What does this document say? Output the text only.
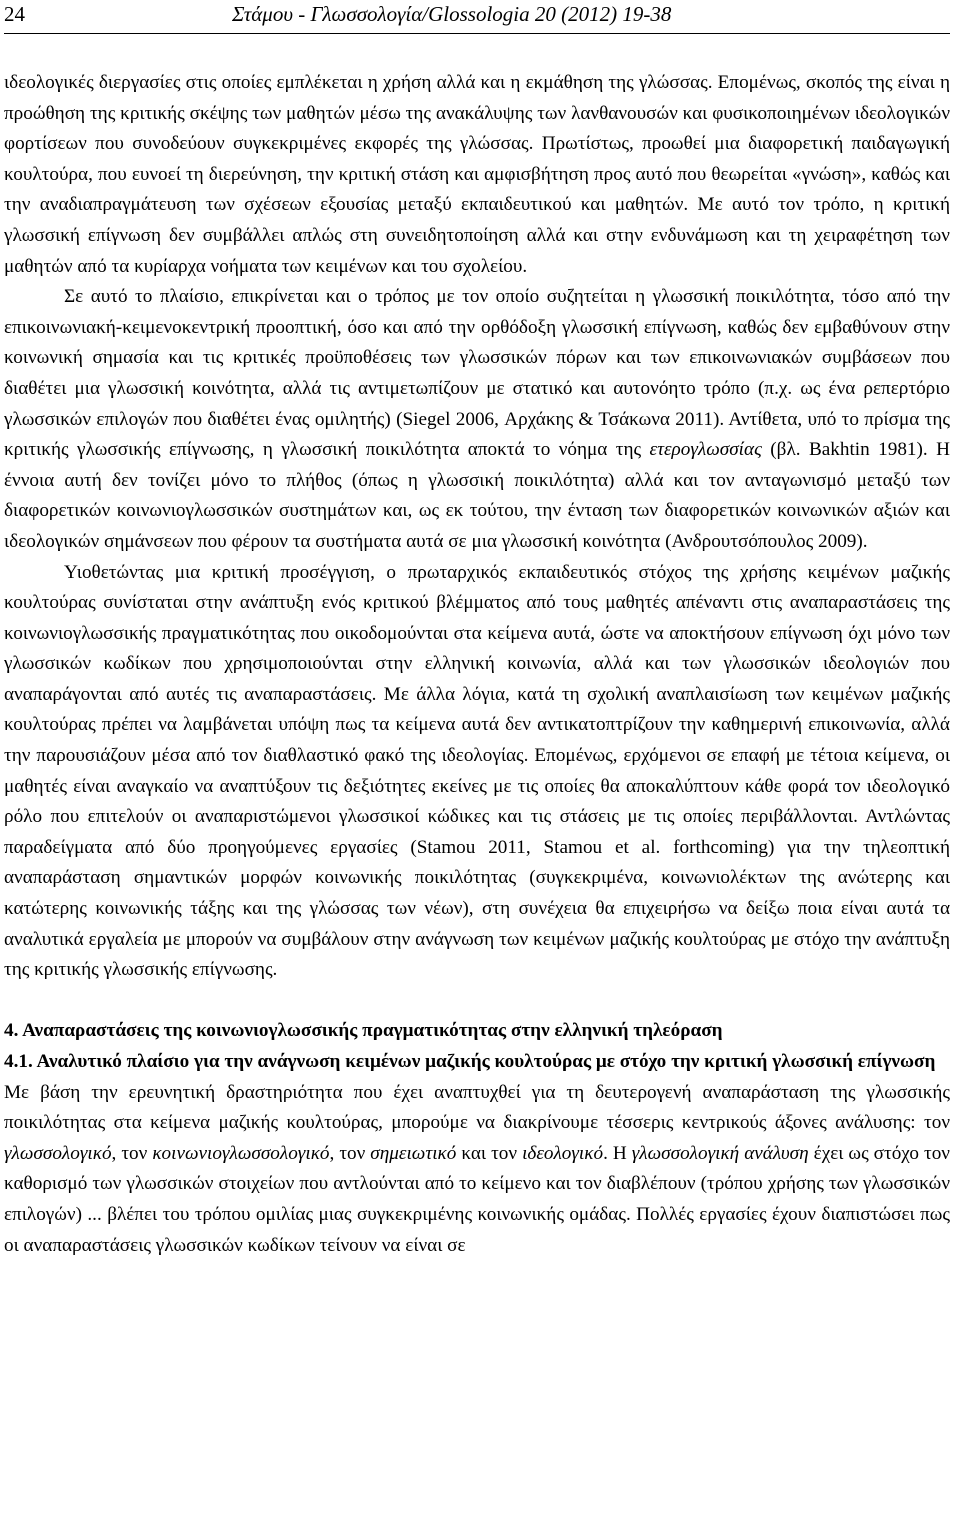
24	Στάμου - Γλωσσολογία/Glossologia 20 (2012) 19-38

ιδεολογικές διεργασίες στις οποίες εμπλέκεται η χρήση αλλά και η εκμάθηση της γλώσσας. Επομένως, σκοπός της είναι η προώθηση της κριτικής σκέψης των μαθητών μέσω της ανακάλυψης των λανθανουσών και φυσικοποιημένων ιδεολογικών φορτίσεων που συνοδεύουν συγκεκριμένες εκφορές της γλώσσας. Πρωτίστως, προωθεί μια διαφορετική παιδαγωγική κουλτούρα, που ευνοεί τη διερεύνηση, την κριτική στάση και αμφισβήτηση προς αυτό που θεωρείται «γνώση», καθώς και την αναδιαπραγμάτευση των σχέσεων εξουσίας μεταξύ εκπαιδευτικού και μαθητών. Με αυτό τον τρόπο, η κριτική γλωσσική επίγνωση δεν συμβάλλει απλώς στη συνειδητοποίηση αλλά και στην ενδυνάμωση και τη χειραφέτηση των μαθητών από τα κυρίαρχα νοήματα των κειμένων και του σχολείου.

Σε αυτό το πλαίσιο, επικρίνεται και ο τρόπος με τον οποίο συζητείται η γλωσσική ποικιλότητα, τόσο από την επικοινωνιακή-κειμενοκεντρική προοπτική, όσο και από την ορθόδοξη γλωσσική επίγνωση, καθώς δεν εμβαθύνουν στην κοινωνική σημασία και τις κριτικές προϋποθέσεις των γλωσσικών πόρων και των επικοινωνιακών συμβάσεων που διαθέτει μια γλωσσική κοινότητα, αλλά τις αντιμετωπίζουν με στατικό και αυτονόητο τρόπο (π.χ. ως ένα ρεπερτόριο γλωσσικών επιλογών που διαθέτει ένας ομιλητής) (Siegel 2006, Αρχάκης & Τσάκωνα 2011). Αντίθετα, υπό το πρίσμα της κριτικής γλωσσικής επίγνωσης, η γλωσσική ποικιλότητα αποκτά το νόημα της ετερογλωσσίας (βλ. Bakhtin 1981). Η έννοια αυτή δεν τονίζει μόνο το πλήθος (όπως η γλωσσική ποικιλότητα) αλλά και τον ανταγωνισμό μεταξύ των διαφορετικών κοινωνιογλωσσικών συστημάτων και, ως εκ τούτου, την ένταση των διαφορετικών κοινωνικών αξιών και ιδεολογικών σημάνσεων που φέρουν τα συστήματα αυτά σε μια γλωσσική κοινότητα (Ανδρουτσόπουλος 2009).

Υιοθετώντας μια κριτική προσέγγιση, ο πρωταρχικός εκπαιδευτικός στόχος της χρήσης κειμένων μαζικής κουλτούρας συνίσταται στην ανάπτυξη ενός κριτικού βλέμματος από τους μαθητές απέναντι στις αναπαραστάσεις της κοινωνιογλωσσικής πραγματικότητας που οικοδομούνται στα κείμενα αυτά, ώστε να αποκτήσουν επίγνωση όχι μόνο των γλωσσικών κωδίκων που χρησιμοποιούνται στην ελληνική κοινωνία, αλλά και των γλωσσικών ιδεολογιών που αναπαράγονται από αυτές τις αναπαραστάσεις. Με άλλα λόγια, κατά τη σχολική αναπλαισίωση των κειμένων μαζικής κουλτούρας πρέπει να λαμβάνεται υπόψη πως τα κείμενα αυτά δεν αντικατοπτρίζουν την καθημερινή επικοινωνία, αλλά την παρουσιάζουν μέσα από τον διαθλαστικό φακό της ιδεολογίας. Επομένως, ερχόμενοι σε επαφή με τέτοια κείμενα, οι μαθητές είναι αναγκαίο να αναπτύξουν τις δεξιότητες εκείνες με τις οποίες θα αποκαλύπτουν κάθε φορά τον ιδεολογικό ρόλο που επιτελούν οι αναπαριστώμενοι γλωσσικοί κώδικες και τις στάσεις με τις οποίες περιβάλλονται. Αντλώντας παραδείγματα από δύο προηγούμενες εργασίες (Stamou 2011, Stamou et al. forthcoming) για την τηλεοπτική αναπαράσταση σημαντικών μορφών κοινωνικής ποικιλότητας (συγκεκριμένα, κοινωνιολέκτων της ανώτερης και κατώτερης κοινωνικής τάξης και της γλώσσας των νέων), στη συνέχεια θα επιχειρήσω να δείξω ποια είναι αυτά τα αναλυτικά εργαλεία με μπορούν να συμβάλουν στην ανάγνωση των κειμένων μαζικής κουλτούρας με στόχο την ανάπτυξη της κριτικής γλωσσικής επίγνωσης.

4. Αναπαραστάσεις της κοινωνιογλωσσικής πραγματικότητας στην ελληνική τηλεόραση

4.1. Αναλυτικό πλαίσιο για την ανάγνωση κειμένων μαζικής κουλτούρας με στόχο την κριτική γλωσσική επίγνωση

Με βάση την ερευνητική δραστηριότητα που έχει αναπτυχθεί για τη δευτερογενή αναπαράσταση της γλωσσικής ποικιλότητας στα κείμενα μαζικής κουλτούρας, μπορούμε να διακρίνουμε τέσσερις κεντρικούς άξονες ανάλυσης: τον γλωσσολογικό, τον κοινωνιογλωσσολογικό, τον σημειωτικό και τον ιδεολογικό. Η γλωσσολογική ανάλυση έχει ως στόχο τον καθορισμό των γλωσσικών στοιχείων που αντλούνται από το κείμενο και τον διαβλέπουν (τρόπου χρήσης των γλωσσικών επιλογών) ... βλέπει του τρόπου ομιλίας μιας συγκεκριμένης κοινωνικής ομάδας. Πολλές εργασίες έχουν διαπιστώσει πως οι αναπαραστάσεις γλωσσικών κωδίκων τείνουν να είναι σε
